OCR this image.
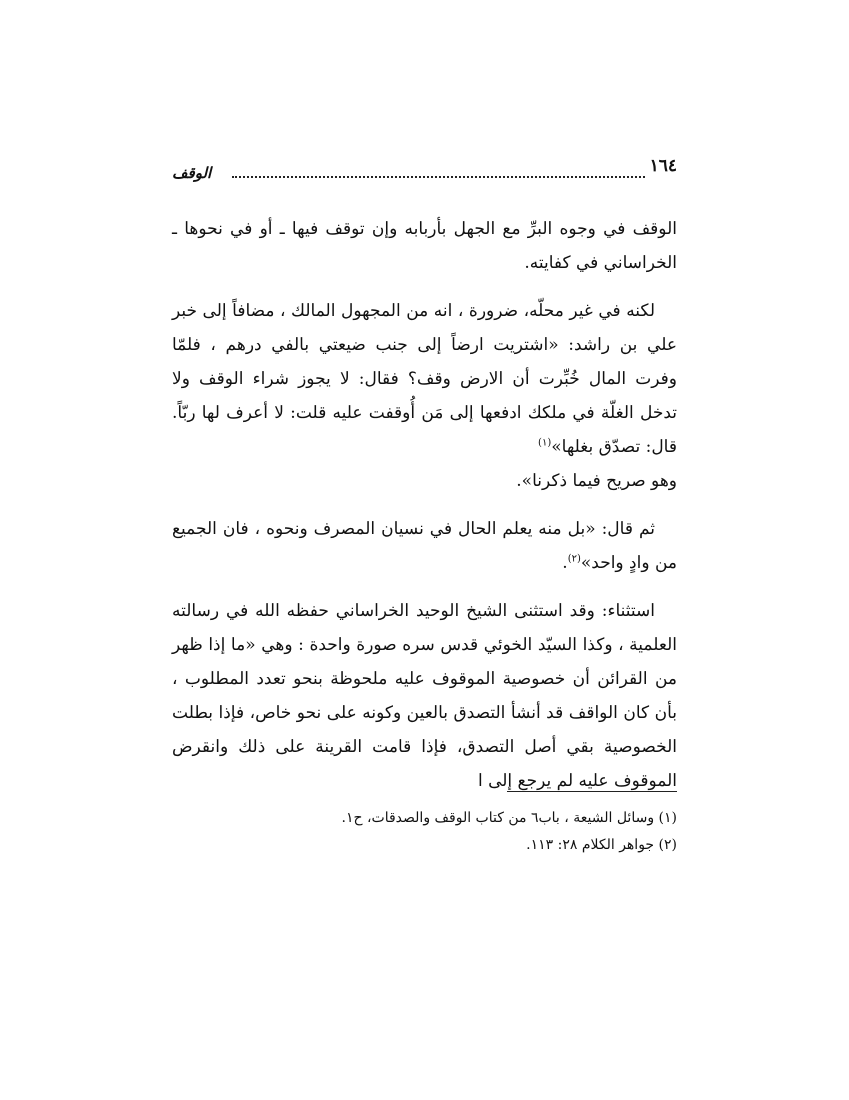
١٦٤
الوقف

الوقف في وجوه البرِّ مع الجهل بأربابه وإن توقف فيها ـ أو في نحوها ـ الخراساني في كفايته.

لكنه في غير محلّه، ضرورة ، انه من المجهول المالك ، مضافاً إلى خبر علي بن راشد: «اشتريت ارضاً إلى جنب ضيعتي بالفي درهم ، فلمّا وفرت المال خُبِّرت أن الارض وقف؟ فقال: لا يجوز شراء الوقف ولا تدخل الغلّة في ملكك ادفعها إلى مَن أُوقفت عليه قلت: لا أعرف لها ربّاً. قال: تصدّق بغلها»$^{(١)}$
وهو صريح فيما ذكرنا».

ثم قال: «بل منه يعلم الحال في نسيان المصرف ونحوه ، فان الجميع من وادٍ واحد»$^{(٢)}$.

استثناء: وقد استثنى الشيخ الوحيد الخراساني حفظه الله في رسالته العلمية ، وكذا السيّد الخوئي قدس سره صورة واحدة : وهي «ما إذا ظهر من القرائن أن خصوصية الموقوف عليه ملحوظة بنحو تعدد المطلوب ، بأن كان الواقف قد أنشأ التصدق بالعين وكونه على نحو خاص، فإذا بطلت الخصوصية بقي أصل التصدق، فإذا قامت القرينة على ذلك وانقرض الموقوف عليه لم يرجع إلى ا

(١) وسائل الشيعة ، باب٦ من كتاب الوقف والصدقات، ح١.
(٢) جواهر الكلام ٢٨: ١١٣.
